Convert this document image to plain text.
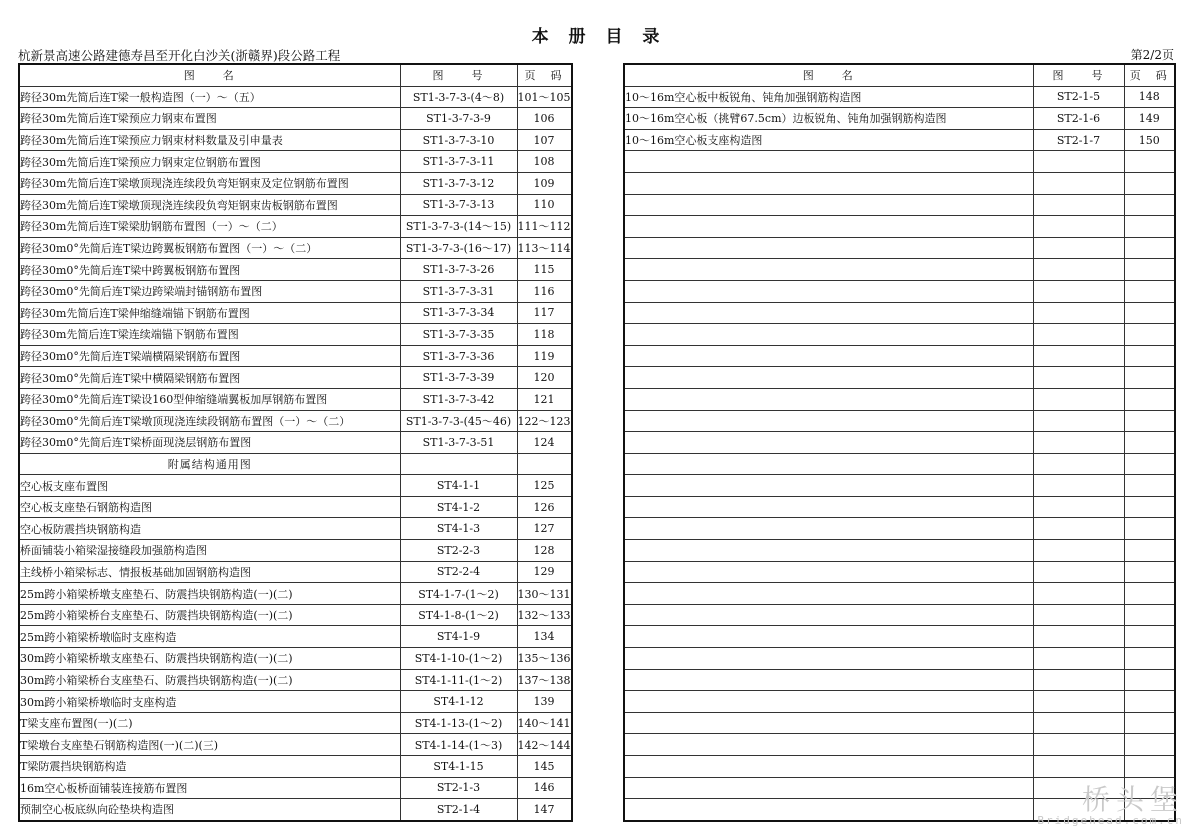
本 册 目 录
杭新景高速公路建德寿昌至开化白沙关(浙赣界)段公路工程	第2/2页
图　　名	图　　号	页　码
跨径30m先简后连T梁一般构造图（一）～（五）	ST1-3-7-3-(4～8)	101～105
跨径30m先简后连T梁预应力钢束布置图	ST1-3-7-3-9	106
跨径30m先简后连T梁预应力钢束材料数量及引申量表	ST1-3-7-3-10	107
跨径30m先简后连T梁预应力钢束定位钢筋布置图	ST1-3-7-3-11	108
跨径30m先简后连T梁墩顶现浇连续段负弯矩钢束及定位钢筋布置图	ST1-3-7-3-12	109
跨径30m先简后连T梁墩顶现浇连续段负弯矩钢束齿板钢筋布置图	ST1-3-7-3-13	110
跨径30m先简后连T梁梁肋钢筋布置图（一）～（二）	ST1-3-7-3-(14～15)	111～112
跨径30m0°先简后连T梁边跨翼板钢筋布置图（一）～（二）	ST1-3-7-3-(16～17)	113～114
跨径30m0°先简后连T梁中跨翼板钢筋布置图	ST1-3-7-3-26	115
跨径30m0°先简后连T梁边跨梁端封锚钢筋布置图	ST1-3-7-3-31	116
跨径30m先简后连T梁伸缩缝端锚下钢筋布置图	ST1-3-7-3-34	117
跨径30m先简后连T梁连续端锚下钢筋布置图	ST1-3-7-3-35	118
跨径30m0°先简后连T梁端横隔梁钢筋布置图	ST1-3-7-3-36	119
跨径30m0°先简后连T梁中横隔梁钢筋布置图	ST1-3-7-3-39	120
跨径30m0°先简后连T梁设160型伸缩缝端翼板加厚钢筋布置图	ST1-3-7-3-42	121
跨径30m0°先简后连T梁墩顶现浇连续段钢筋布置图（一）～（二）	ST1-3-7-3-(45～46)	122～123
跨径30m0°先简后连T梁桥面现浇层钢筋布置图	ST1-3-7-3-51	124
附属结构通用图		
空心板支座布置图	ST4-1-1	125
空心板支座垫石钢筋构造图	ST4-1-2	126
空心板防震挡块钢筋构造	ST4-1-3	127
桥面铺装小箱梁湿接缝段加强筋构造图	ST2-2-3	128
主线桥小箱梁标志、情报板基础加固钢筋构造图	ST2-2-4	129
25m跨小箱梁桥墩支座垫石、防震挡块钢筋构造(一)(二)	ST4-1-7-(1～2)	130～131
25m跨小箱梁桥台支座垫石、防震挡块钢筋构造(一)(二)	ST4-1-8-(1～2)	132～133
25m跨小箱梁桥墩临时支座构造	ST4-1-9	134
30m跨小箱梁桥墩支座垫石、防震挡块钢筋构造(一)(二)	ST4-1-10-(1～2)	135～136
30m跨小箱梁桥台支座垫石、防震挡块钢筋构造(一)(二)	ST4-1-11-(1～2)	137～138
30m跨小箱梁桥墩临时支座构造	ST4-1-12	139
T梁支座布置图(一)(二)	ST4-1-13-(1～2)	140～141
T梁墩台支座垫石钢筋构造图(一)(二)(三)	ST4-1-14-(1～3)	142～144
T梁防震挡块钢筋构造	ST4-1-15	145
16m空心板桥面铺装连接筋布置图	ST2-1-3	146
预制空心板底纵向砼垫块构造图	ST2-1-4	147
图　　名	图　　号	页　码
10～16m空心板中板锐角、钝角加强钢筋构造图	ST2-1-5	148
10～16m空心板（挑臂67.5cm）边板锐角、钝角加强钢筋构造图	ST2-1-6	149
10～16m空心板支座构造图	ST2-1-7	150

桥头堡
Bridgehead.com.cn
